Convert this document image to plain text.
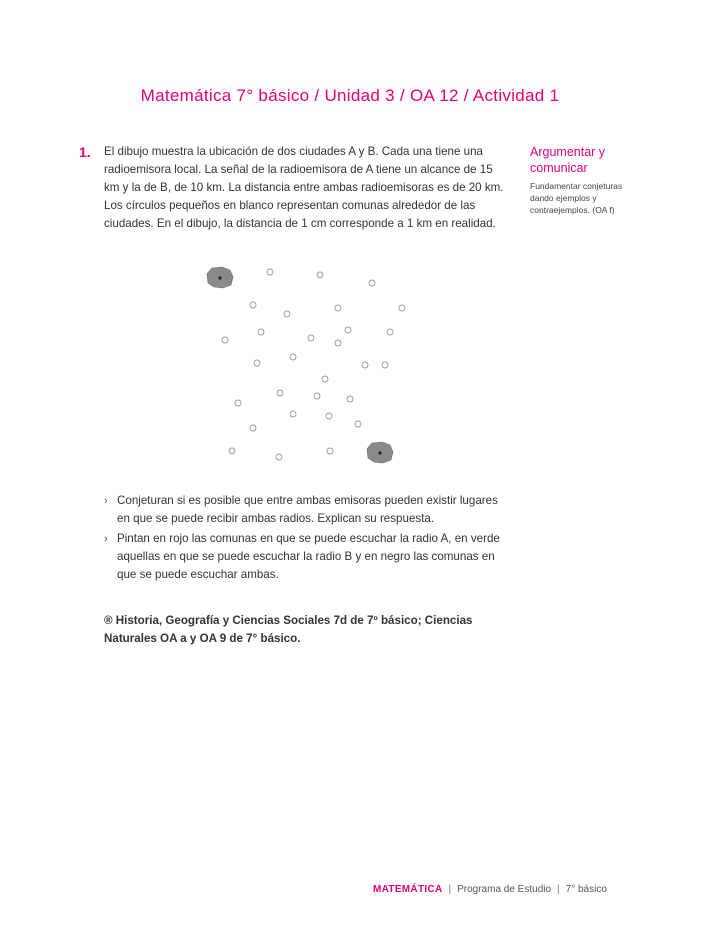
Matemática 7° básico / Unidad 3 / OA 12 / Actividad 1
1. El dibujo muestra la ubicación de dos ciudades A y B. Cada una tiene una radioemisora local. La señal de la radioemisora de A tiene un alcance de 15 km y la de B, de 10 km. La distancia entre ambas radioemisoras es de 20 km. Los círculos pequeños en blanco representan comunas alrededor de las ciudades. En el dibujo, la distancia de 1 cm corresponde a 1 km en realidad.
Argumentar y comunicar
Fundamentar conjeturas dando ejemplos y contraejemplos. (OA f)
› Conjeturan si es posible que entre ambas emisoras pueden existir lugares en que se puede recibir ambas radios. Explican su respuesta.
› Pintan en rojo las comunas en que se puede escuchar la radio A, en verde aquellas en que se puede escuchar la radio B y en negro las comunas en que se puede escuchar ambas.
® Historia, Geografía y Ciencias Sociales 7d de 7º básico; Ciencias Naturales OA a y OA 9 de 7° básico.
MATEMÁTICA | Programa de Estudio | 7° básico
